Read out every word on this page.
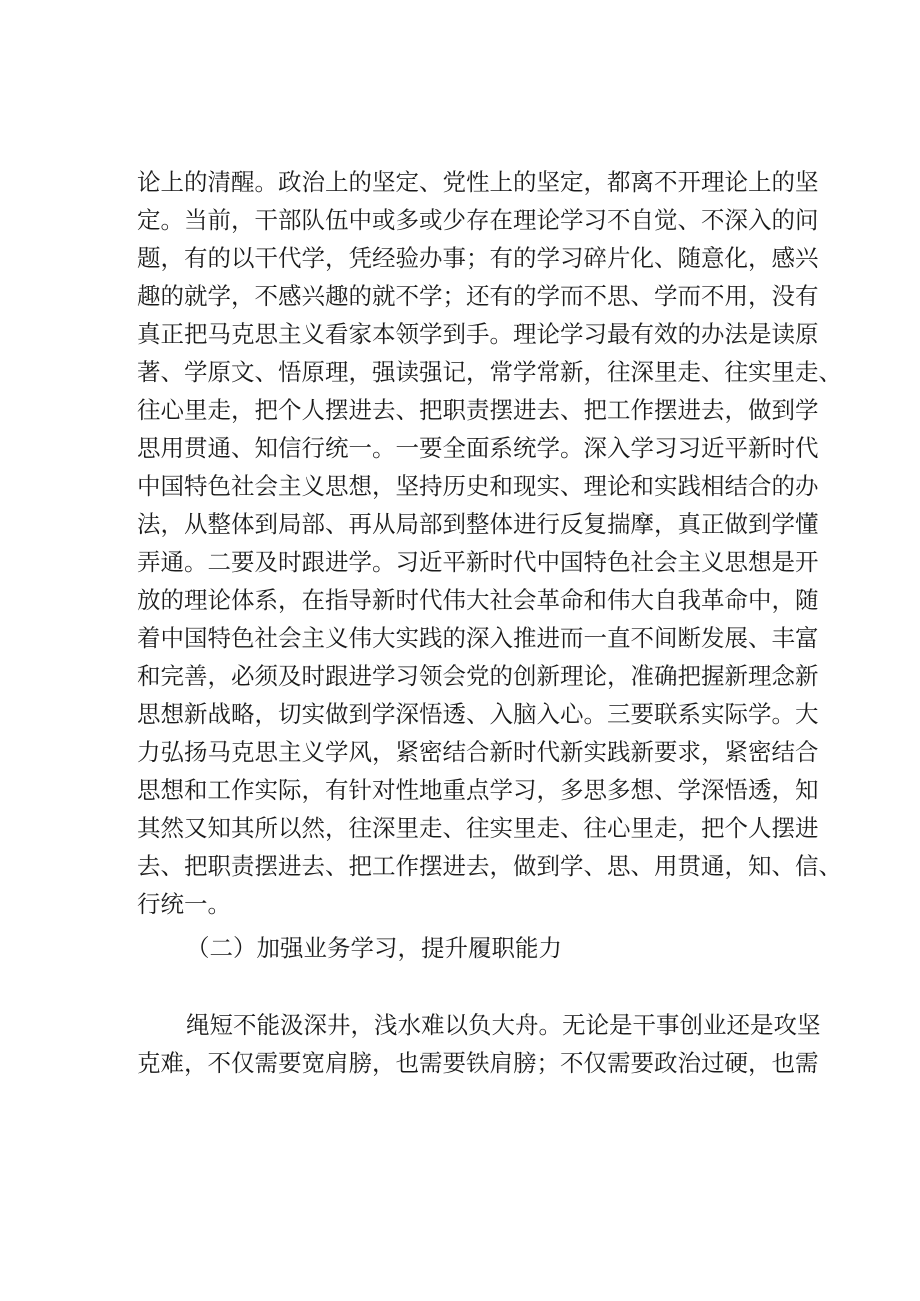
论上的清醒。政治上的坚定、党性上的坚定，都离不开理论上的坚
定。当前，干部队伍中或多或少存在理论学习不自觉、不深入的问
题，有的以干代学，凭经验办事；有的学习碎片化、随意化，感兴
趣的就学，不感兴趣的就不学；还有的学而不思、学而不用，没有
真正把马克思主义看家本领学到手。理论学习最有效的办法是读原
著、学原文、悟原理，强读强记，常学常新，往深里走、往实里走、
往心里走，把个人摆进去、把职责摆进去、把工作摆进去，做到学
思用贯通、知信行统一。一要全面系统学。深入学习习近平新时代
中国特色社会主义思想，坚持历史和现实、理论和实践相结合的办
法，从整体到局部、再从局部到整体进行反复揣摩，真正做到学懂
弄通。二要及时跟进学。习近平新时代中国特色社会主义思想是开
放的理论体系，在指导新时代伟大社会革命和伟大自我革命中，随
着中国特色社会主义伟大实践的深入推进而一直不间断发展、丰富
和完善，必须及时跟进学习领会党的创新理论，准确把握新理念新
思想新战略，切实做到学深悟透、入脑入心。三要联系实际学。大
力弘扬马克思主义学风，紧密结合新时代新实践新要求，紧密结合
思想和工作实际，有针对性地重点学习，多思多想、学深悟透，知
其然又知其所以然，往深里走、往实里走、往心里走，把个人摆进
去、把职责摆进去、把工作摆进去，做到学、思、用贯通，知、信、
行统一。
（二）加强业务学习，提升履职能力
绳短不能汲深井，浅水难以负大舟。无论是干事创业还是攻坚
克难，不仅需要宽肩膀，也需要铁肩膀；不仅需要政治过硬，也需
